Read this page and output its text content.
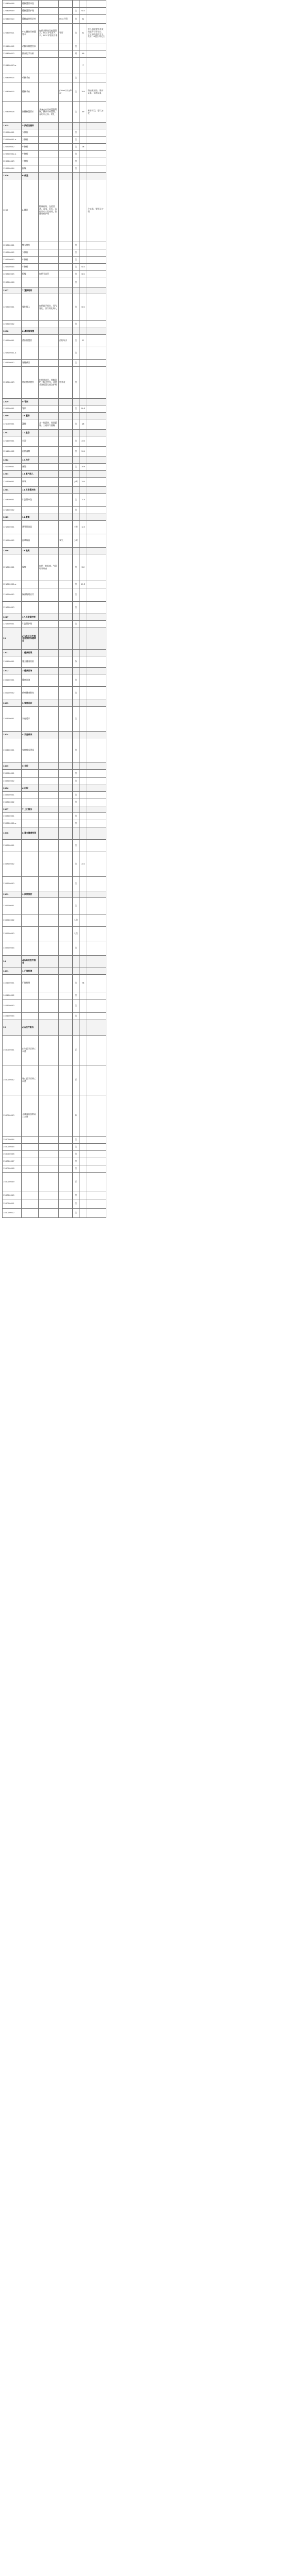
120400008	静脉置管冲洗					
120400009	静脉置管护理			次	6.5	
120400010	静脉高营养治疗		PICC导管	次	32	
120400011	中心静脉穿刺置管术	包括深静脉穿刺置管术、PICC导管置入术、PICC导管拔除术	导管	次	32	中心静脉置管术使用超声引导定位，可另加收超声引导费用；B超引导定位
120400012	动脉穿刺置管术			次		
120400013	抽血化学分析			项	40	
120400013-a					7	
120400014	动脉采血			次		
120400015	静脉采血		(20ml以内)每次	次	3.6	指抽血送检、静脉采血、末梢采血
120400016	脐静脉置管术	具备自动穿刺置管系统，静脉穿刺置管；含切开止血、结扎		次	40	新增项目，婴儿加收
1205	5.换药及敷料					
120500001	大换药			次		
120500001-a	大换药			次		
120500002	中换药			次	76	
120500002-a	中换药			次		
120500003	小换药			次		
120500004	拆线			次		
1206	6.体温					
1206	6.置管	特殊药物，包括普通、深部、术后、各科诊疗实际使用，普通用药护理				含消毒、置管及护理
120600001	特大换药			次		
120600002	大换药			次		
120600003	中换药			次		
120600004	小换药			次	6.5	
120600005	拆线	包括引流管		次	6.5	
120600006				次		
1207	7.置换给药					
120700001	雾化吸入	包括超声雾化、氧气雾化、蒸汽雾化吸入		次	6.5	
120700002				次		
1208	8.鼻饲管管置					
120800001	鼻饲管置管		药物每次	次	32	
120800001-a				次		
120800002	胃肠减压			次		
120800003	肠内营养置管	指经鼻胃管、鼻肠管给予肠内营养，含营养液配置及输注护理	营养液	次		
1209	9.导尿					
120900001	导尿			次	19.5	
1210	10.灌肠					
121000001	灌肠	含一般灌肠、保留灌肠、三通氧气灌肠		次	26	
1211	11.坐浴					
121100001	坐浴			次	2.6	
121100002	冷热湿敷			次	2.6	
1212	12.冷疗					
121200001	冰袋			次	3.9	
1213	13.氧气吸入					
121300001	吸氧			小时	2.6	
1214	14.引流管冲洗					
121400001	引流管冲洗			次	1.3	
121400002				次		
1215	15.置氧					
121500001	鼻导管吸氧			小时	1.3	
121500002	面罩吸氧		氧气	小时		
1216	16.吸痰					
121600001	吸痰	包括一般吸痰、气管切开吸痰		次	3.2	
121600001-a				次	19.5	
121600002	胸部物理治疗			次		
121600003				次		
1217	17.引流管护理					
121700001	引流管护理			次		
13	(三)社区卫生服务及预防保健项目					
1301	1.健康档案					
130100001	建立健康档案			份		
1302	2.健康咨询					
130200001	健康咨询			次		
130200002	疾病健康教育			次		
1303	3.家庭巡诊					
130300001	家庭巡诊			次		
1304	4.家庭病床					
130400001	家庭病床建床			次		
1305	5.会诊					
130500001				次		
130500002				次		
1306	6.出诊					
130600001				次		
130600002				次		
1307	7.上门服务					
130700001				次		
130700001-a				次		
1308	8.建立健康档案					
130800001				次		
130800002				次	2.5	
130800003				次		
1309	9.疾病预防					
130900001				次		
130900002				人次		
130900003				人次		
130900004				次		
14	(四)其他医疗服务					
1401	1.尸体料理					
140100001	尸体料理			次	78	
140100002				次		
140100003				次		
140100004				次		
15	(五)医疗服务					
150000001	出生医学证明工本费			证		
150000002	死亡医学证明工本费			证		
150000003	儿童预防接种证工本费			本		
150000004				次		
150000005				次		
150000006				次		
150000007				次		
150000008				次		
150000009				证		
150000010				次		
150000011				次		
150000012				次		
